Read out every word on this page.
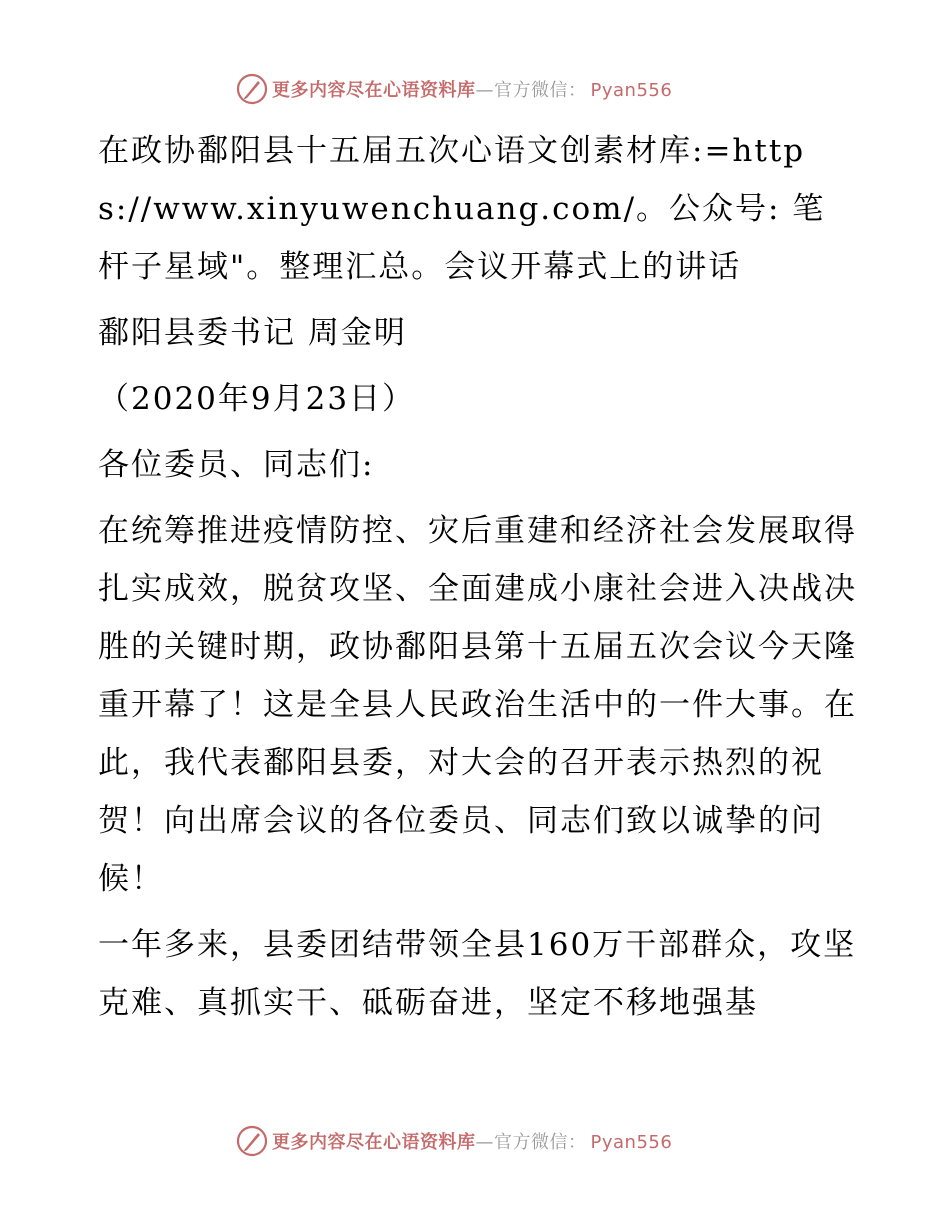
更多内容尽在心语资料库—官方微信： Pyan556

在政协鄱阳县十五届五次心语文创素材库:=https://www.xinyuwenchuang.com/。公众号: 笔杆子星域"。整理汇总。会议开幕式上的讲话

鄱阳县委书记 周金明

（2020年9月23日）

各位委员、同志们:

在统筹推进疫情防控、灾后重建和经济社会发展取得扎实成效，脱贫攻坚、全面建成小康社会进入决战决胜的关键时期，政协鄱阳县第十五届五次会议今天隆重开幕了！这是全县人民政治生活中的一件大事。在此，我代表鄱阳县委，对大会的召开表示热烈的祝贺！向出席会议的各位委员、同志们致以诚挚的问候！

一年多来，县委团结带领全县160万干部群众，攻坚克难、真抓实干、砥砺奋进，坚定不移地强基

更多内容尽在心语资料库—官方微信： Pyan556
